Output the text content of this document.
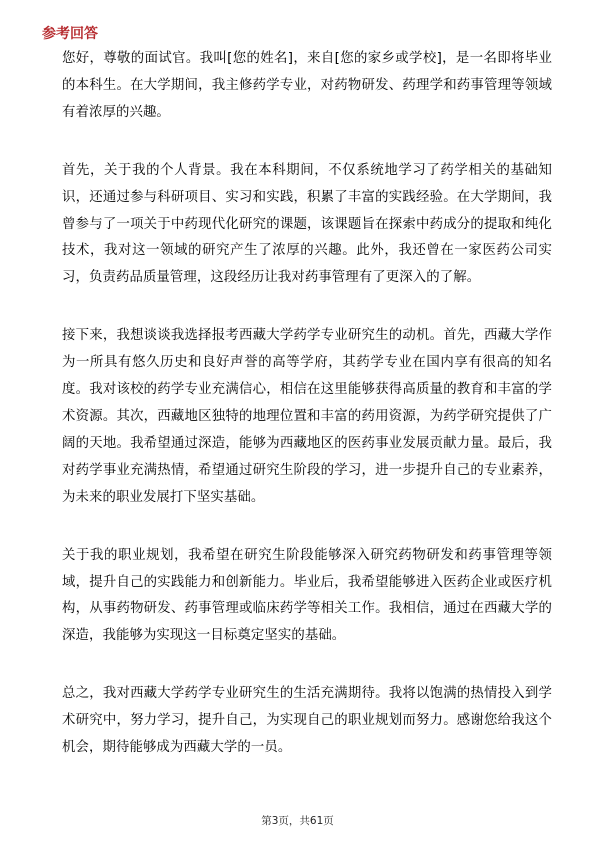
参考回答

您好，尊敬的面试官。我叫[您的姓名]，来自[您的家乡或学校]，是一名即将毕业的本科生。在大学期间，我主修药学专业，对药物研发、药理学和药事管理等领域有着浓厚的兴趣。

首先，关于我的个人背景。我在本科期间，不仅系统地学习了药学相关的基础知识，还通过参与科研项目、实习和实践，积累了丰富的实践经验。在大学期间，我曾参与了一项关于中药现代化研究的课题，该课题旨在探索中药成分的提取和纯化技术，我对这一领域的研究产生了浓厚的兴趣。此外，我还曾在一家医药公司实习，负责药品质量管理，这段经历让我对药事管理有了更深入的了解。

接下来，我想谈谈我选择报考西藏大学药学专业研究生的动机。首先，西藏大学作为一所具有悠久历史和良好声誉的高等学府，其药学专业在国内享有很高的知名度。我对该校的药学专业充满信心，相信在这里能够获得高质量的教育和丰富的学术资源。其次，西藏地区独特的地理位置和丰富的药用资源，为药学研究提供了广阔的天地。我希望通过深造，能够为西藏地区的医药事业发展贡献力量。最后，我对药学事业充满热情，希望通过研究生阶段的学习，进一步提升自己的专业素养，为未来的职业发展打下坚实基础。

关于我的职业规划，我希望在研究生阶段能够深入研究药物研发和药事管理等领域，提升自己的实践能力和创新能力。毕业后，我希望能够进入医药企业或医疗机构，从事药物研发、药事管理或临床药学等相关工作。我相信，通过在西藏大学的深造，我能够为实现这一目标奠定坚实的基础。

总之，我对西藏大学药学专业研究生的生活充满期待。我将以饱满的热情投入到学术研究中，努力学习，提升自己，为实现自己的职业规划而努力。感谢您给我这个机会，期待能够成为西藏大学的一员。

第3页，共61页
